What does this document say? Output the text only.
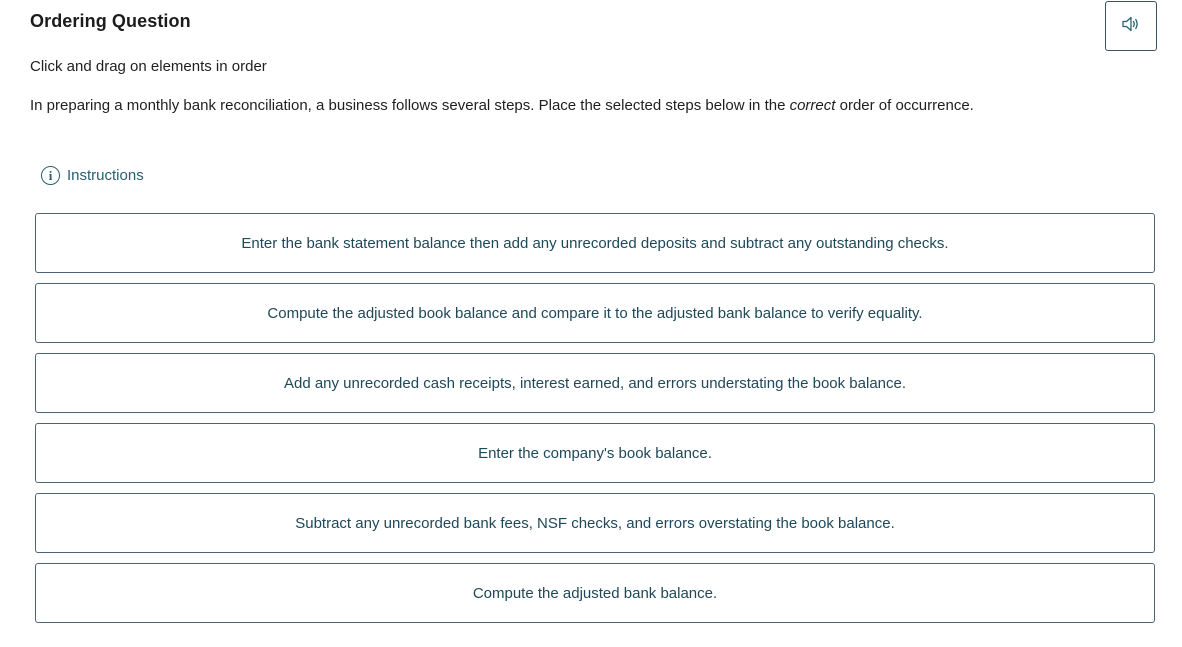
Ordering Question

Click and drag on elements in order

In preparing a monthly bank reconciliation, a business follows several steps. Place the selected steps below in the correct order of occurrence.

i Instructions
Enter the bank statement balance then add any unrecorded deposits and subtract any outstanding checks.
Compute the adjusted book balance and compare it to the adjusted bank balance to verify equality.
Add any unrecorded cash receipts, interest earned, and errors understating the book balance.
Enter the company's book balance.
Subtract any unrecorded bank fees, NSF checks, and errors overstating the book balance.
Compute the adjusted bank balance.
